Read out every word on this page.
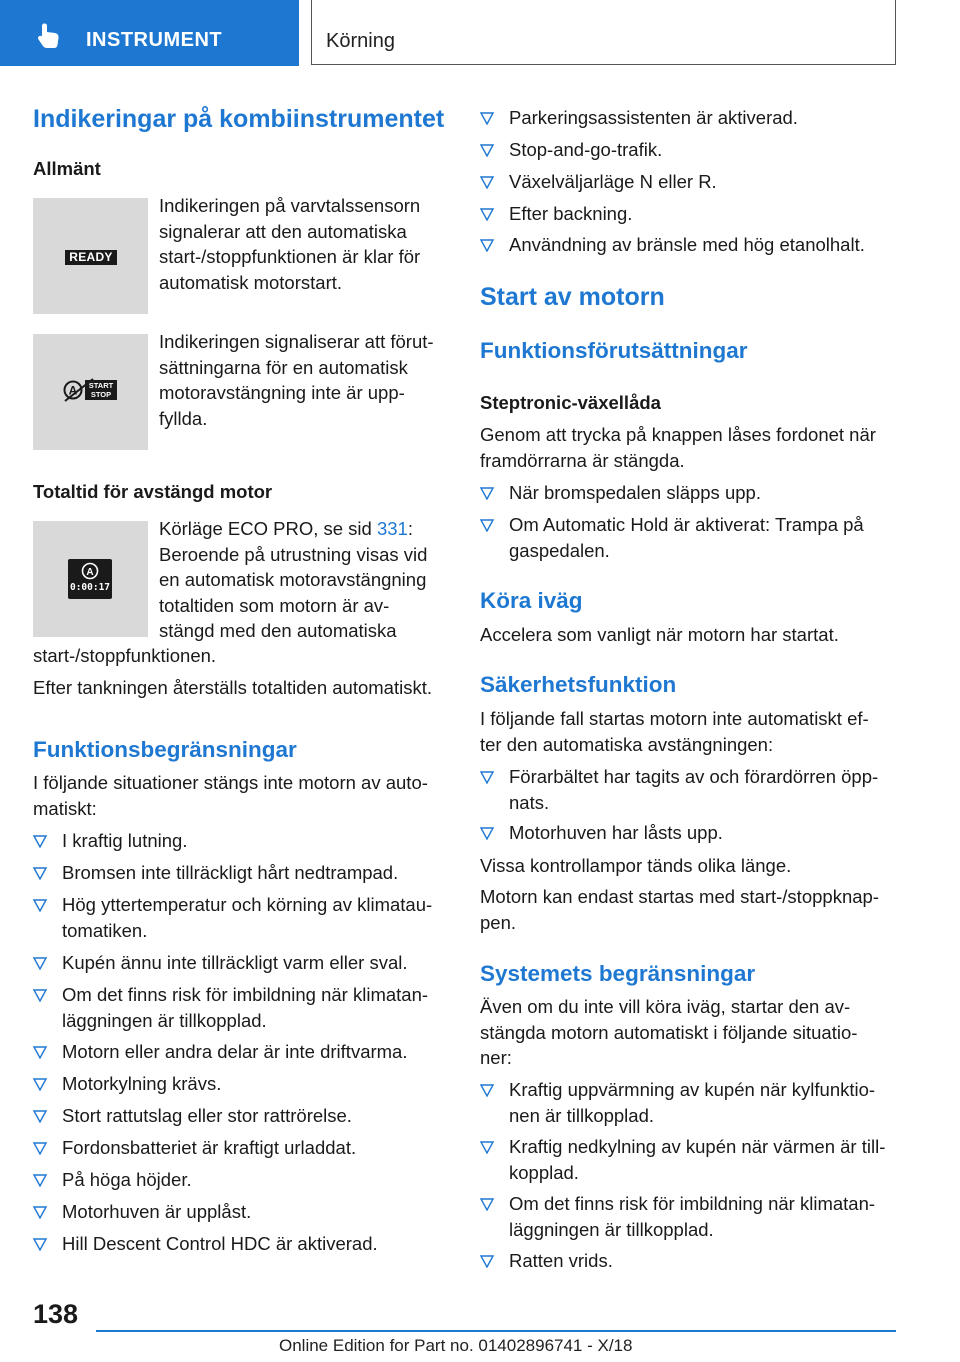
INSTRUMENT	Körning
Indikeringar på kombiinstrumentet
Allmänt
READY
Indikeringen på varvtalssensorn
signalerar att den automatiska
start-/stoppfunktionen är klar för
automatisk motorstart.
A START
STOP
Indikeringen signaliserar att förut-
sättningarna för en automatisk
motoravstängning inte är upp-
fyllda.
Totaltid för avstängd motor
A
0:00:17
Körläge ECO PRO, se sid 331:
Beroende på utrustning visas vid
en automatisk motoravstängning
totaltiden som motorn är av-
stängd med den automatiska
start-/stoppfunktionen.
Efter tankningen återställs totaltiden automatiskt.
Funktionsbegränsningar
I följande situationer stängs inte motorn av auto-
matiskt:
I kraftig lutning.
Bromsen inte tillräckligt hårt nedtrampad.
Hög yttertemperatur och körning av klimatau-
tomatiken.
Kupén ännu inte tillräckligt varm eller sval.
Om det finns risk för imbildning när klimatan-
läggningen är tillkopplad.
Motorn eller andra delar är inte driftvarma.
Motorkylning krävs.
Stort rattutslag eller stor rattrörelse.
Fordonsbatteriet är kraftigt urladdat.
På höga höjder.
Motorhuven är upplåst.
Hill Descent Control HDC är aktiverad.
Parkeringsassistenten är aktiverad.
Stop-and-go-trafik.
Växelväljarläge N eller R.
Efter backning.
Användning av bränsle med hög etanolhalt.
Start av motorn
Funktionsförutsättningar
Steptronic-växellåda
Genom att trycka på knappen låses fordonet när
framdörrarna är stängda.
När bromspedalen släpps upp.
Om Automatic Hold är aktiverat: Trampa på
gaspedalen.
Köra iväg
Accelera som vanligt när motorn har startat.
Säkerhetsfunktion
I följande fall startas motorn inte automatiskt ef-
ter den automatiska avstängningen:
Förarbältet har tagits av och förardörren öpp-
nats.
Motorhuven har låsts upp.
Vissa kontrollampor tänds olika länge.
Motorn kan endast startas med start-/stoppknap-
pen.
Systemets begränsningar
Även om du inte vill köra iväg, startar den av-
stängda motorn automatiskt i följande situatio-
ner:
Kraftig uppvärmning av kupén när kylfunktio-
nen är tillkopplad.
Kraftig nedkylning av kupén när värmen är till-
kopplad.
Om det finns risk för imbildning när klimatan-
läggningen är tillkopplad.
Ratten vrids.
138
Online Edition for Part no. 01402896741 - X/18
